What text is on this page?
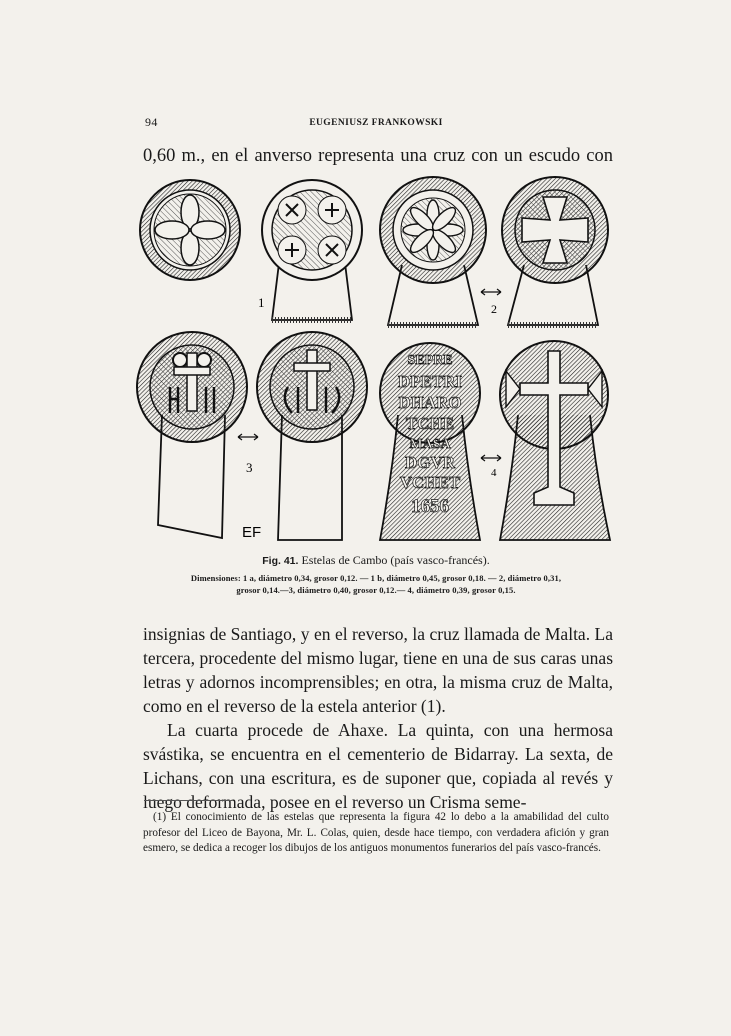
94	EUGENIUSZ FRANKOWSKI
0,60 m., en el anverso representa una cruz con un escudo con
1	2
3
EF
SEPRE
DPETRI
DHARO
TCHE
MASA
DGVR
VCHET
1656
4
Fig. 41. Estelas de Cambo (país vasco-francés).
Dimensiones: 1 a, diámetro 0,34, grosor 0,12. — 1 b, diámetro 0,45, grosor 0,18. — 2, diámetro 0,31,
grosor 0,14.—3, diámetro 0,40, grosor 0,12.— 4, diámetro 0,39, grosor 0,15.

insignias de Santiago, y en el reverso, la cruz llamada de Malta. La tercera, procedente del mismo lugar, tiene en una de sus caras unas letras y adornos incomprensibles; en otra, la misma cruz de Malta, como en el reverso de la estela anterior (1).

La cuarta procede de Ahaxe. La quinta, con una hermosa svástika, se encuentra en el cementerio de Bidarray. La sexta, de Lichans, con una escritura, es de suponer que, copiada al revés y luego deformada, posee en el reverso un Crisma seme-

(1) El conocimiento de las estelas que representa la figura 42 lo debo a la amabilidad del culto profesor del Liceo de Bayona, Mr. L. Colas, quien, desde hace tiempo, con verdadera afición y gran esmero, se dedica a recoger los dibujos de los antiguos monumentos funerarios del país vasco-francés.
